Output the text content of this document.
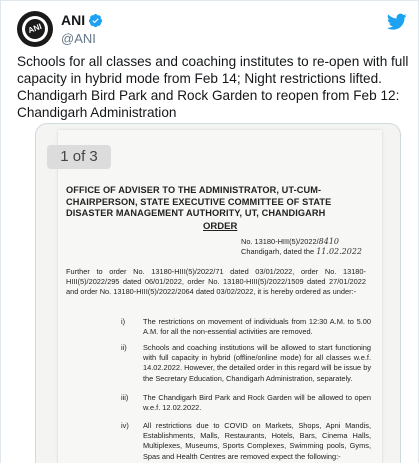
ANI
ANI
@ANI
Schools for all classes and coaching institutes to re-open with full capacity in hybrid mode from Feb 14; Night restrictions lifted. Chandigarh Bird Park and Rock Garden to reopen from Feb 12: Chandigarh Administration
1 of 3
OFFICE OF ADVISER TO THE ADMINISTRATOR, UT-CUM-CHAIRPERSON, STATE EXECUTIVE COMMITTEE OF STATE DISASTER MANAGEMENT AUTHORITY, UT, CHANDIGARH
ORDER
No. 13180-HIII(5)/2022/8410
Chandigarh, dated the 11.02.2022
Further to order No. 13180-HIII(5)/2022/71 dated 03/01/2022, order No. 13180-HIII(5)/2022/295 dated 06/01/2022, order No. 13180-HIII(5)/2022/1509 dated 27/01/2022 and order No. 13180-HIII(5)/2022/2064 dated 03/02/2022, it is hereby ordered as under:-
i) The restrictions on movement of individuals from 12:30 A.M. to 5.00 A.M. for all the non-essential activities are removed.
ii) Schools and coaching institutions will be allowed to start functioning with full capacity in hybrid (offline/online mode) for all classes w.e.f. 14.02.2022. However, the detailed order in this regard will be issue by the Secretary Education, Chandigarh Administration, separately.
iii) The Chandigarh Bird Park and Rock Garden will be allowed to open w.e.f. 12.02.2022.
iv) All restrictions due to COVID on Markets, Shops, Apni Mandis, Establishments, Malls, Restaurants, Hotels, Bars, Cinema Halls, Multiplexes, Museums, Sports Complexes, Swimming pools, Gyms, Spas and Health Centres are removed expect the following:-
